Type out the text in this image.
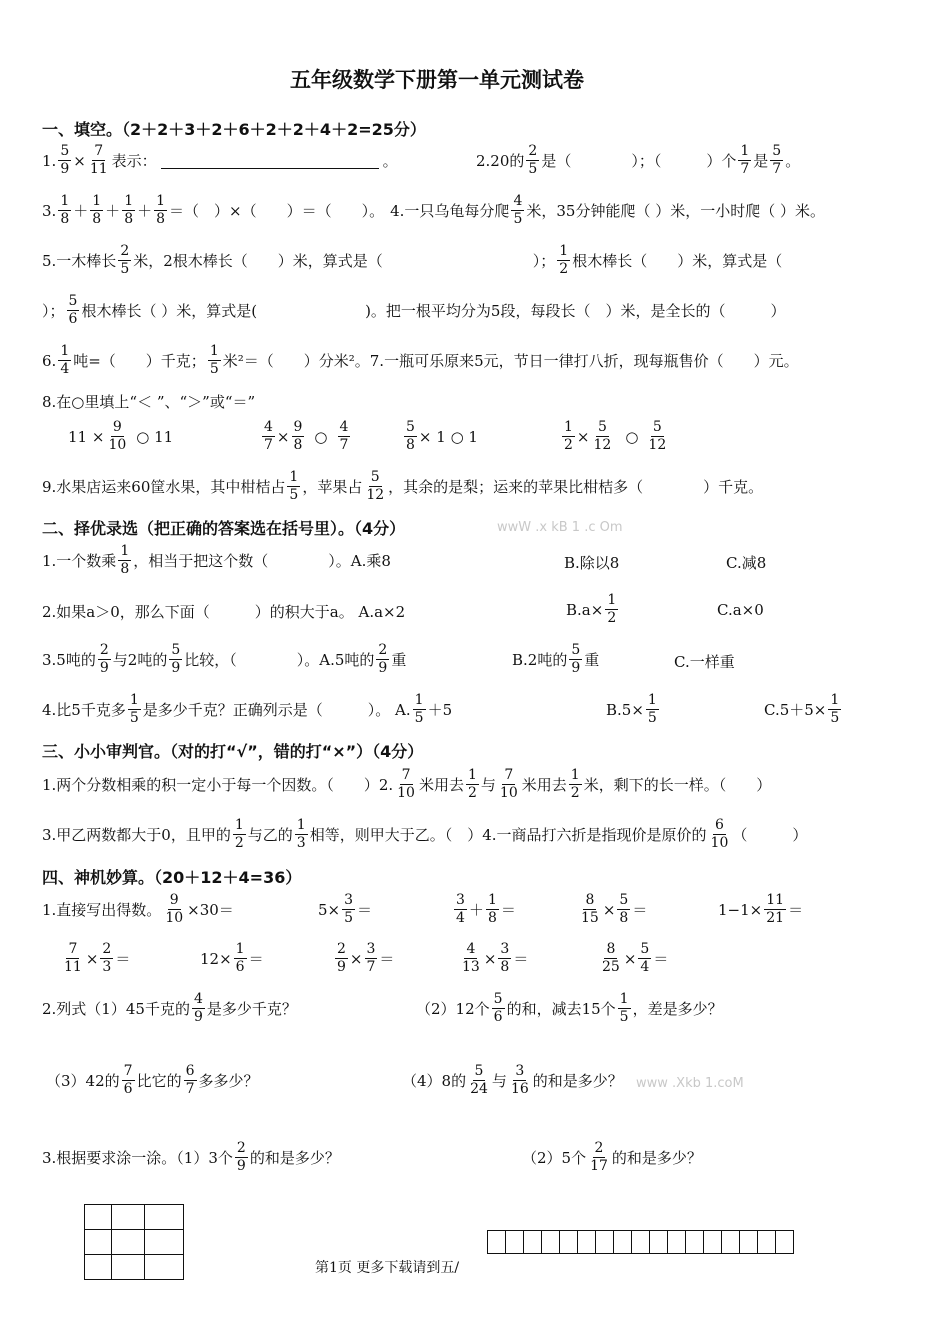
五年级数学下册第一单元测试卷
一、填空。（2＋2＋3＋2＋6＋2＋2＋4＋2=25分）
1. $\frac{5}{9} \times \frac{7}{11}$ 表示：	。	2.20的
2
5 是（　　　　）；（　　　）个
1
7 是
5
7 。
3.
1
8 ＋
1
8 ＋
1
8 ＋
1
8 ＝（　）×（　　）＝（　　）。 4.一只乌龟每分爬
4
5 米，35分钟能爬（ ）米，一小时爬（ ）米。
5.一木棒长
2
5 米，2根木棒长（　　）米，算式是（	）；
1
2 根木棒长（　　）米，算式是（
）；
5
6 根木棒长（ ）米，算式是(	)。把一根平均分为5段，每段长（　）米，是全长的（　　　）
6.
1
4 吨=（　　）千克；
1
5 米²＝（　　）分米²。7.一瓶可乐原来5元，节日一律打八折，现每瓶售价（　　）元。
8.在○里填上“＜ ”、“＞”或“＝”
$11 \times \frac{9}{10}$ ○ 11	$\frac{4}{7} \times \frac{9}{8}$ ○
4
7	$\frac{5}{8} \times 1$ ○ 1	$\frac{1}{2} \times \frac{5}{12}$ ○
5
12
9.水果店运来60筐水果，其中柑桔占
1
5 ，苹果占
5
12 ，其余的是梨；运来的苹果比柑桔多（　　　　）千克。
二、择优录选（把正确的答案选在括号里）。（4分）	wwW .x kB 1 .c Om
1.一个数乘
1
8 ，相当于把这个数（　　　　）。A.乘8	B.除以8	C.减8
2.如果a＞0，那么下面（　　　）的积大于a。 A.a×2	$B.a\times \frac{1}{2}$	C.a×0
3.5吨的
2
9 与2吨的
5
9 比较，（　　　　）。A.5吨的
2
9 重	B.2吨的
5
9 重	C.一样重
4.比5千克多
1
5 是多少千克？正确列示是（　　　）。 A.
1
5 ＋5	$B.5\times \frac{1}{5}$	$C.5+5\times \frac{1}{5}$
三、小小审判官。（对的打“√”，错的打“×”）（4分）
1.两个分数相乘的积一定小于每一个因数。（　　）2.
7
10 米用去
1
2 与
7
10 米用去
1
2 米，剩下的长一样。（　　）
3.甲乙两数都大于0，且甲的
1
2 与乙的
1
3 相等，则甲大于乙。（　）4.一商品打六折是指现价是原价的
6
10 （　　　）
四、神机妙算。（20＋12＋4=36）
1.直接写出得数。 $\frac{9}{10} \times 30=$	$5\times \frac{3}{5}$ ＝
3
4 ＋
1
8 ＝	$\frac{8}{15} \times \frac{5}{8}$ ＝	$1-1\times \frac{11}{21}$ ＝
$\frac{7}{11} \times \frac{2}{3}$ ＝	$12\times \frac{1}{6}$ ＝	$\frac{2}{9} \times \frac{3}{7}$ ＝	$\frac{4}{13} \times \frac{3}{8}$ ＝	$\frac{8}{25} \times \frac{5}{4}$ ＝
2.列式（1）45千克的
4
9 是多少千克？	（2）12个
5
6 的和，减去15个
1
5 ，差是多少？
（3）42的
7
6 比它的
6
7 多多少？	（4）8的
5
24 与
3
16 的和是多少？ www .Xkb 1.coM
3.根据要求涂一涂。（1）3个
2
9 的和是多少？	（2）5个
2
17 的和是多少？

第1页 更多下载请到五/
